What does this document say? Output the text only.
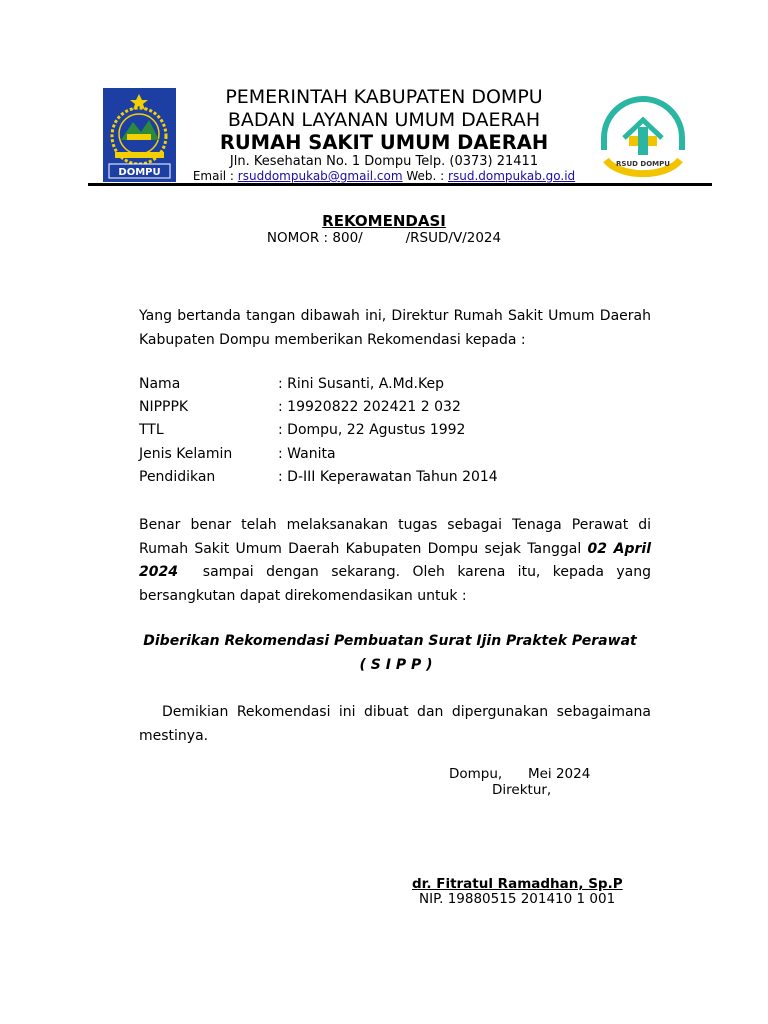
DOMPU
RSUD DOMPU
PEMERINTAH KABUPATEN DOMPU
BADAN LAYANAN UMUM DAERAH
RUMAH SAKIT UMUM DAERAH
Jln. Kesehatan No. 1 Dompu Telp. (0373) 21411
Email : rsuddompukab@gmail.com Web. : rsud.dompukab.go.id
REKOMENDASI
NOMOR : 800/          /RSUD/V/2024
Yang bertanda tangan dibawah ini, Direktur Rumah Sakit Umum Daerah Kabupaten Dompu memberikan Rekomendasi kepada :
Nama	: Rini Susanti, A.Md.Kep
NIPPPK	: 19920822 202421 2 032
TTL	: Dompu, 22 Agustus 1992
Jenis Kelamin	: Wanita
Pendidikan	: D-III Keperawatan Tahun 2014
Benar benar telah melaksanakan tugas sebagai Tenaga Perawat di Rumah Sakit Umum Daerah Kabupaten Dompu sejak Tanggal 02 April 2024  sampai dengan sekarang. Oleh karena itu, kepada yang bersangkutan dapat direkomendasikan untuk :
Diberikan Rekomendasi Pembuatan Surat Ijin Praktek Perawat
( S I P P )
Demikian Rekomendasi ini dibuat dan dipergunakan sebagaimana mestinya.
Dompu,      Mei 2024
Direktur,
dr. Fitratul Ramadhan, Sp.P
NIP. 19880515 201410 1 001
